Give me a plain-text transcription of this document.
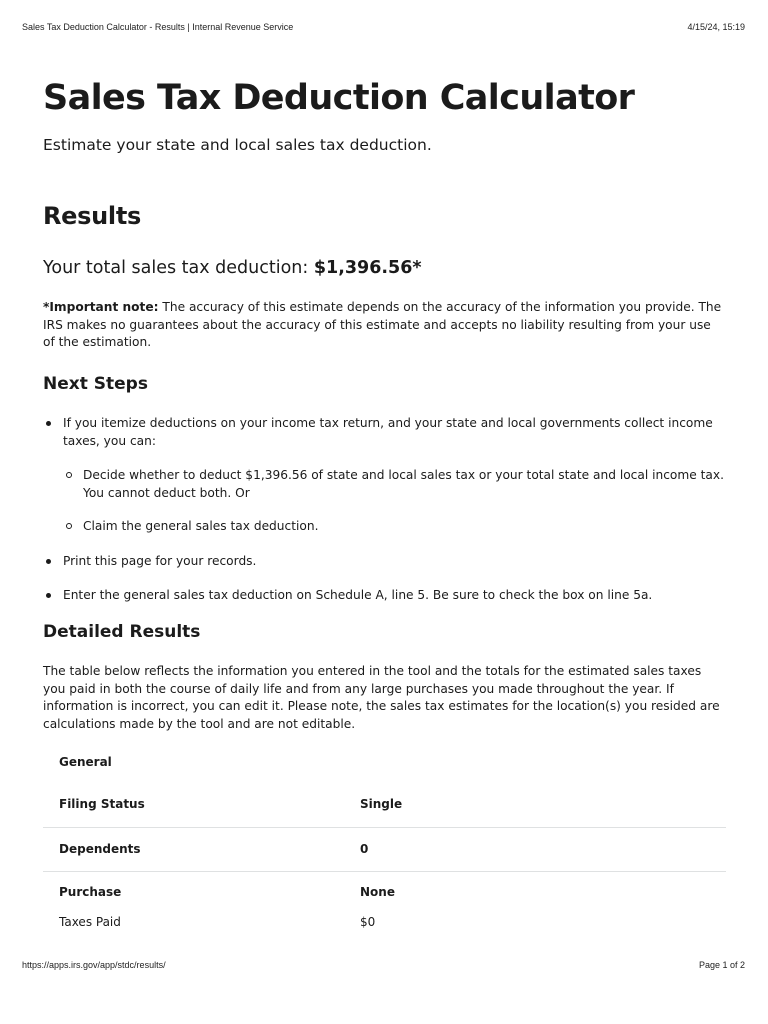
Sales Tax Deduction Calculator - Results | Internal Revenue Service	4/15/24, 15:19
Sales Tax Deduction Calculator

Estimate your state and local sales tax deduction.

Results

Your total sales tax deduction: $1,396.56*

*Important note: The accuracy of this estimate depends on the accuracy of the information you provide. The IRS makes no guarantees about the accuracy of this estimate and accepts no liability resulting from your use of the estimation.

Next Steps
If you itemize deductions on your income tax return, and your state and local governments collect income taxes, you can:
Decide whether to deduct $1,396.56 of state and local sales tax or your total state and local income tax. You cannot deduct both. Or
Claim the general sales tax deduction.
Print this page for your records.
Enter the general sales tax deduction on Schedule A, line 5. Be sure to check the box on line 5a.
Detailed Results

The table below reflects the information you entered in the tool and the totals for the estimated sales taxes you paid in both the course of daily life and from any large purchases you made throughout the year. If information is incorrect, you can edit it. Please note, the sales tax estimates for the location(s) you resided are calculations made by the tool and are not editable.

General
Filing Status	Single
Dependents	0
Purchase	None
Taxes Paid	$0
https://apps.irs.gov/app/stdc/results/	Page 1 of 2
